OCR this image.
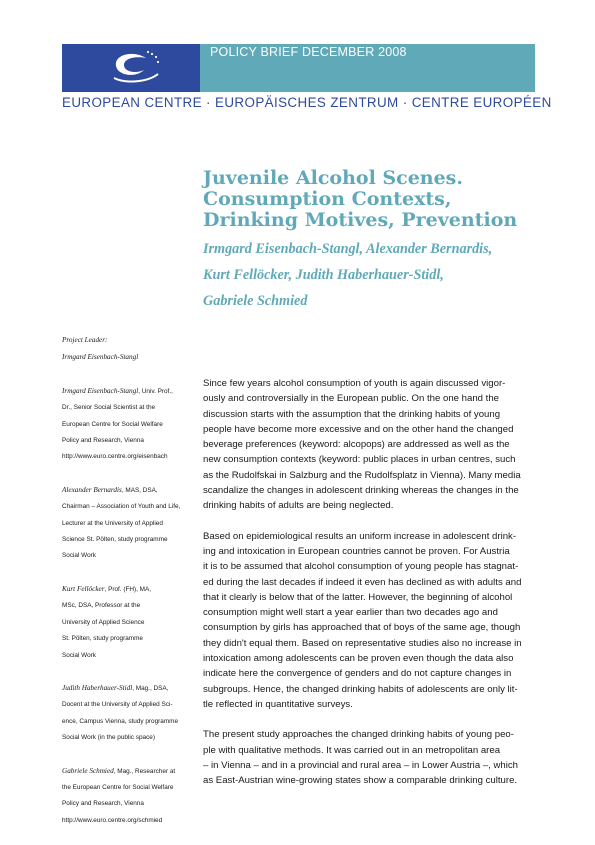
POLICY BRIEF DECEMBER 2008
EUROPEAN CENTRE · EUROPÄISCHES ZENTRUM · CENTRE EUROPÉEN
Juvenile Alcohol Scenes.
Consumption Contexts,
Drinking Motives, Prevention
Irmgard Eisenbach-Stangl, Alexander Bernardis,
Kurt Fellöcker, Judith Haberhauer-Stidl,
Gabriele Schmied
Project Leader:
Irmgard Eisenbach-Stangl
Irmgard Eisenbach-Stangl, Univ. Prof.,
Dr., Senior Social Scientist at the
European Centre for Social Welfare
Policy and Research, Vienna
http://www.euro.centre.org/eisenbach
Alexander Bernardis, MAS, DSA,
Chairman – Association of Youth and Life,
Lecturer at the University of Applied
Science St. Pölten, study programme
Social Work
Kurt Fellöcker, Prof. (FH), MA,
MSc, DSA, Professor at the
University of Applied Science
St. Pölten, study programme
Social Work
Judith Haberhauer-Stidl, Mag., DSA,
Docent at the University of Applied Sci-
ence, Campus Vienna, study programme
Social Work (in the public space)
Gabriele Schmied, Mag., Researcher at
the European Centre for Social Welfare
Policy and Research, Vienna
http://www.euro.centre.org/schmied

Since few years alcohol consumption of youth is again discussed vigor-
ously and controversially in the European public. On the one hand the
discussion starts with the assumption that the drinking habits of young
people have become more excessive and on the other hand the changed
beverage preferences (keyword: alcopops) are addressed as well as the
new consumption contexts (keyword: public places in urban centres, such
as the Rudolfskai in Salzburg and the Rudolfsplatz in Vienna). Many media
scandalize the changes in adolescent drinking whereas the changes in the
drinking habits of adults are being neglected.

Based on epidemiological results an uniform increase in adolescent drink-
ing and intoxication in European countries cannot be proven. For Austria
it is to be assumed that alcohol consumption of young people has stagnat-
ed during the last decades if indeed it even has declined as with adults and
that it clearly is below that of the latter. However, the beginning of alcohol
consumption might well start a year earlier than two decades ago and
consumption by girls has approached that of boys of the same age, though
they didn't equal them. Based on representative studies also no increase in
intoxication among adolescents can be proven even though the data also
indicate here the convergence of genders and do not capture changes in
subgroups. Hence, the changed drinking habits of adolescents are only lit-
tle reflected in quantitative surveys.

The present study approaches the changed drinking habits of young peo-
ple with qualitative methods. It was carried out in an metropolitan area
– in Vienna – and in a provincial and rural area – in Lower Austria –, which
as East-Austrian wine-growing states show a comparable drinking culture.
